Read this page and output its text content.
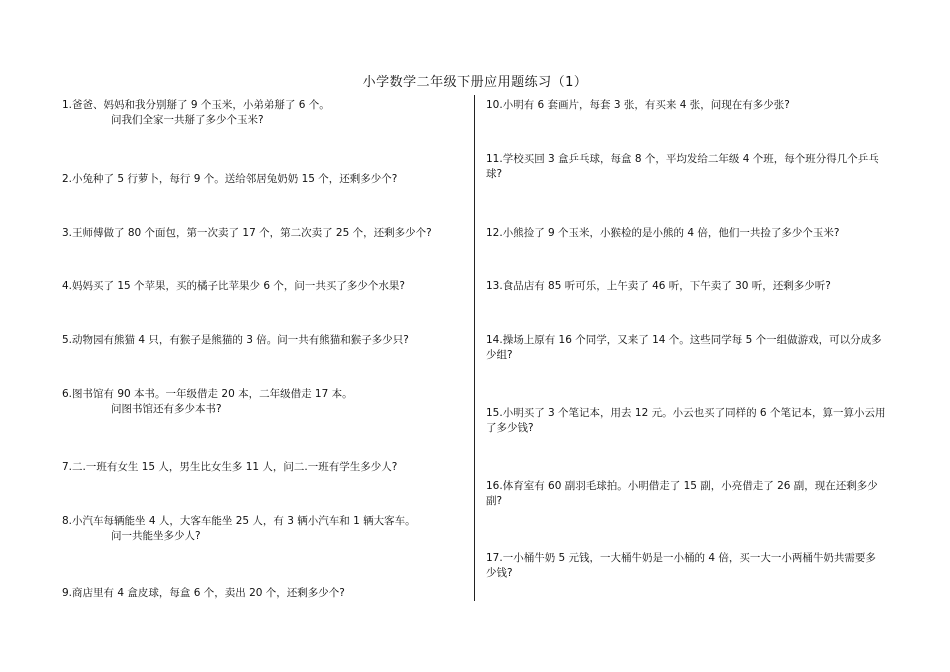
小学数学二年级下册应用题练习（1）
1.爸爸、妈妈和我分别掰了 9 个玉米，小弟弟掰了 6 个。
问我们全家一共掰了多少个玉米?
2.小兔种了 5 行萝卜，每行 9 个。送给邻居兔奶奶 15 个，还剩多少个?
3.王师傅做了 80 个面包，第一次卖了 17 个，第二次卖了 25 个，还剩多少个?
4.妈妈买了 15 个苹果，买的橘子比苹果少 6 个，问一共买了多少个水果?
5.动物园有熊猫 4 只，有猴子是熊猫的 3 倍。问一共有熊猫和猴子多少只?
6.图书馆有 90 本书。一年级借走 20 本，二年级借走 17 本。
问图书馆还有多少本书?
7.二.一班有女生 15 人，男生比女生多 11 人，问二.一班有学生多少人?
8.小汽车每辆能坐 4 人，大客车能坐 25 人，有 3 辆小汽车和 1 辆大客车。
问一共能坐多少人?
9.商店里有 4 盒皮球，每盒 6 个，卖出 20 个，还剩多少个?
10.小明有 6 套画片，每套 3 张，有买来 4 张，问现在有多少张?
11.学校买回 3 盒乒乓球，每盒 8 个，平均发给二年级 4 个班，每个班分得几个乒乓球?
12.小熊捡了 9 个玉米，小猴检的是小熊的 4 倍，他们一共捡了多少个玉米?
13.食品店有 85 听可乐，上午卖了 46 听，下午卖了 30 听，还剩多少听?
14.操场上原有 16 个同学，又来了 14 个。这些同学每 5 个一组做游戏，可以分成多少组?
15.小明买了 3 个笔记本，用去 12 元。小云也买了同样的 6 个笔记本，算一算小云用了多少钱?
16.体育室有 60 副羽毛球拍。小明借走了 15 副，小亮借走了 26 副，现在还剩多少副?
17.一小桶牛奶 5 元钱，一大桶牛奶是一小桶的 4 倍，买一大一小两桶牛奶共需要多少钱?
